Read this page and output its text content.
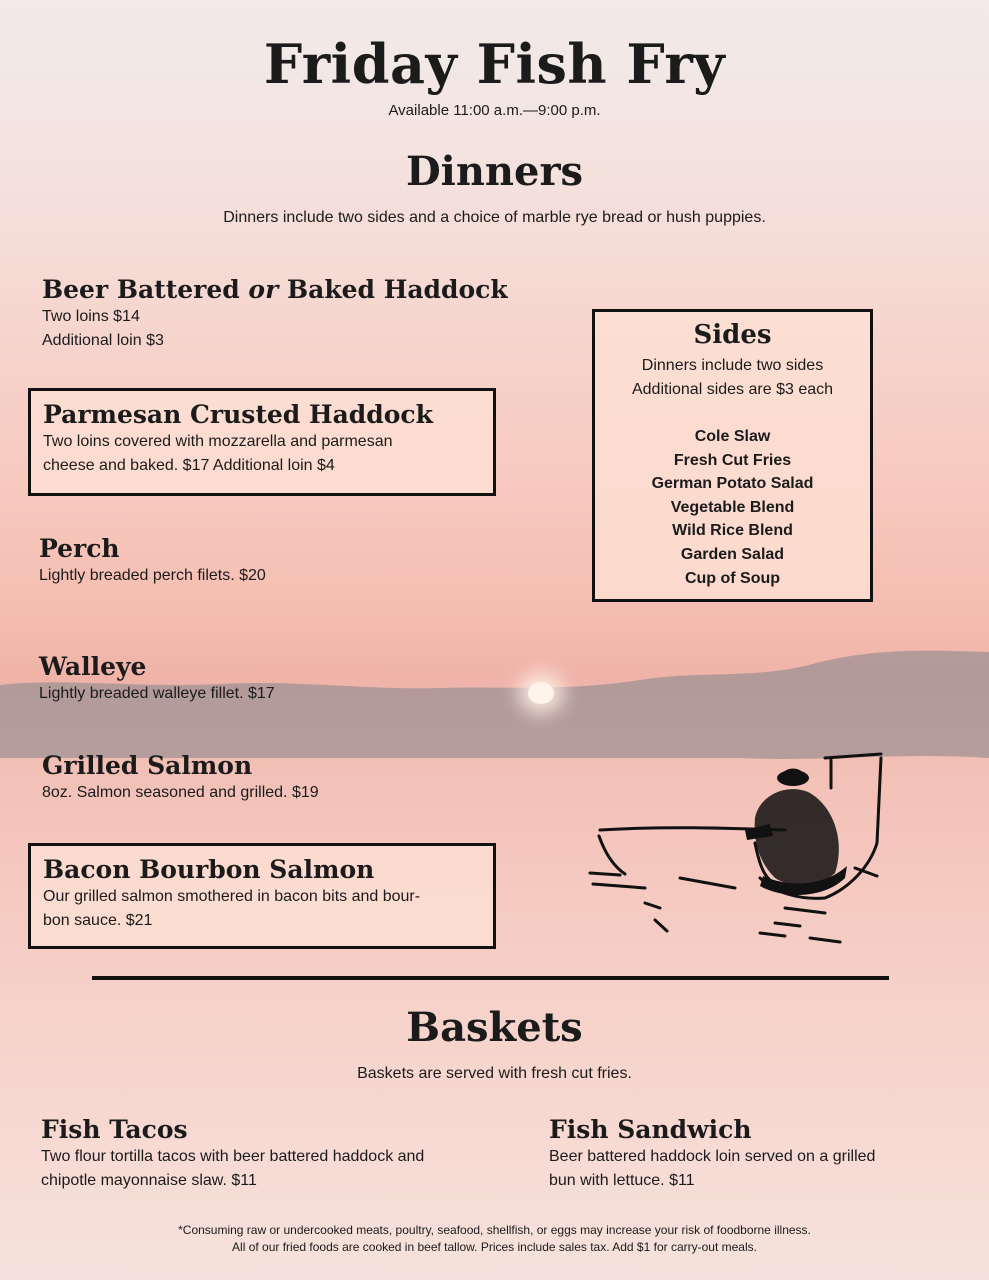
Friday Fish Fry
Available 11:00 a.m.—9:00 p.m.
Dinners
Dinners include two sides and a choice of marble rye bread or hush puppies.
Beer Battered or Baked Haddock
Two loins $14
Additional loin $3
Parmesan Crusted Haddock
Two loins covered with mozzarella and parmesan
cheese and baked. $17 Additional loin $4
Perch
Lightly breaded perch filets. $20
Walleye
Lightly breaded walleye fillet. $17
Grilled Salmon
8oz. Salmon seasoned and grilled. $19
Bacon Bourbon Salmon
Our grilled salmon smothered in bacon bits and bour-
bon sauce. $21
Sides
Dinners include two sides
Additional sides are $3 each
Cole Slaw
Fresh Cut Fries
German Potato Salad
Vegetable Blend
Wild Rice Blend
Garden Salad
Cup of Soup
Baskets
Baskets are served with fresh cut fries.
Fish Tacos
Two flour tortilla tacos with beer battered haddock and
chipotle mayonnaise slaw. $11
Fish Sandwich
Beer battered haddock loin served on a grilled
bun with lettuce. $11
*Consuming raw or undercooked meats, poultry, seafood, shellfish, or eggs may increase your risk of foodborne illness.
All of our fried foods are cooked in beef tallow. Prices include sales tax. Add $1 for carry-out meals.
